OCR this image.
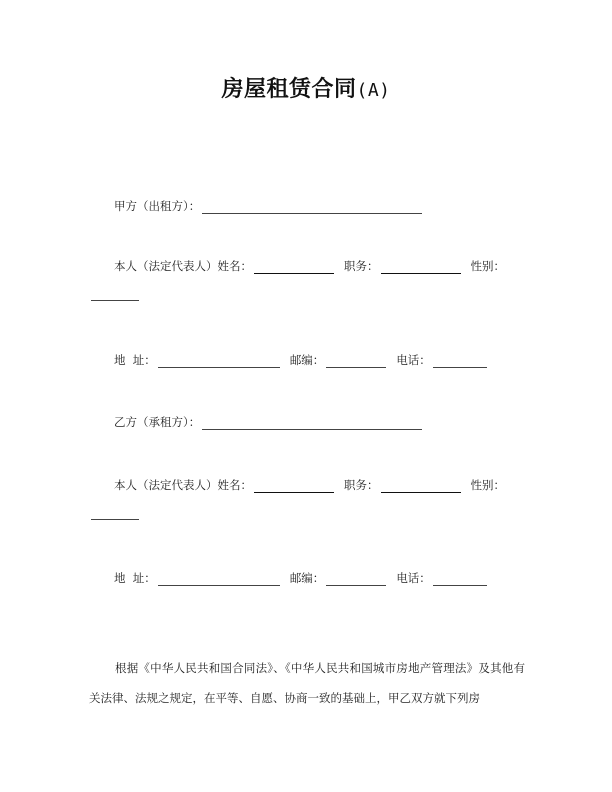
房屋租赁合同(A)
甲方（出租方）：
本人（法定代表人）姓名：	职务：	性别：
地  址：	邮编：	电话：
乙方（承租方）：
本人（法定代表人）姓名：	职务：	性别：
地  址：	邮编：	电话：
根据《中华人民共和国合同法》、《中华人民共和国城市房地产管理法》及其他有关法律、法规之规定，在平等、自愿、协商一致的基础上，甲乙双方就下列房
